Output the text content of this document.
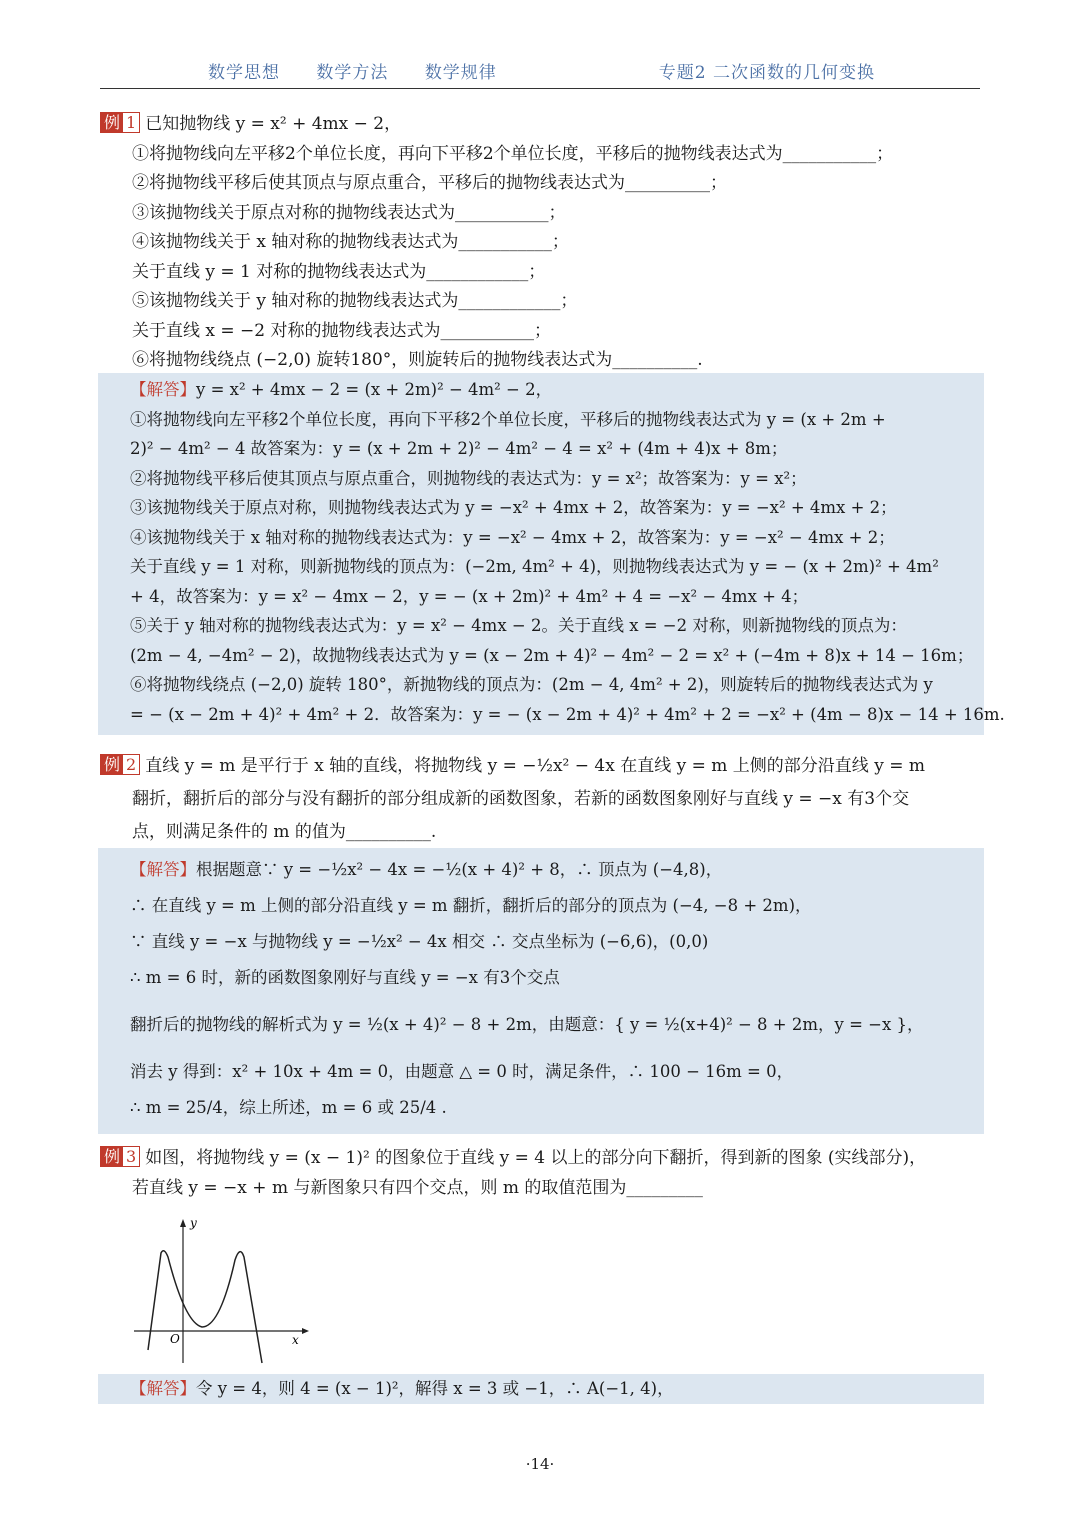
数学思想 数学方法 数学规律	专题2 二次函数的几何变换
例 1 已知抛物线 y = x² + 4mx − 2，
①将抛物线向左平移2个单位长度，再向下平移2个单位长度，平移后的抛物线表达式为___________；
②将抛物线平移后使其顶点与原点重合，平移后的抛物线表达式为__________；
③该抛物线关于原点对称的抛物线表达式为___________；
④该抛物线关于 x 轴对称的抛物线表达式为___________；
关于直线 y = 1 对称的抛物线表达式为____________；
⑤该抛物线关于 y 轴对称的抛物线表达式为____________；
关于直线 x = −2 对称的抛物线表达式为___________；
⑥将抛物线绕点 (−2,0) 旋转180°，则旋转后的抛物线表达式为__________.
【解答】y = x² + 4mx − 2 = (x + 2m)² − 4m² − 2，
①将抛物线向左平移2个单位长度，再向下平移2个单位长度，平移后的抛物线表达式为 y = (x + 2m +
2)² − 4m² − 4 故答案为：y = (x + 2m + 2)² − 4m² − 4 = x² + (4m + 4)x + 8m；
②将抛物线平移后使其顶点与原点重合，则抛物线的表达式为：y = x²；故答案为：y = x²；
③该抛物线关于原点对称，则抛物线表达式为 y = −x² + 4mx + 2，故答案为：y = −x² + 4mx + 2；
④该抛物线关于 x 轴对称的抛物线表达式为：y = −x² − 4mx + 2，故答案为：y = −x² − 4mx + 2；
关于直线 y = 1 对称，则新抛物线的顶点为：(−2m, 4m² + 4)，则抛物线表达式为 y = − (x + 2m)² + 4m²
+ 4，故答案为：y = x² − 4mx − 2，y = − (x + 2m)² + 4m² + 4 = −x² − 4mx + 4；
⑤关于 y 轴对称的抛物线表达式为：y = x² − 4mx − 2。关于直线 x = −2 对称，则新抛物线的顶点为：
(2m − 4, −4m² − 2)，故抛物线表达式为 y = (x − 2m + 4)² − 4m² − 2 = x² + (−4m + 8)x + 14 − 16m；
⑥将抛物线绕点 (−2,0) 旋转 180°，新抛物线的顶点为：(2m − 4, 4m² + 2)，则旋转后的抛物线表达式为 y
= − (x − 2m + 4)² + 4m² + 2．故答案为：y = − (x − 2m + 4)² + 4m² + 2 = −x² + (4m − 8)x − 14 + 16m.
例 2 直线 y = m 是平行于 x 轴的直线，将抛物线 y = −½x² − 4x 在直线 y = m 上侧的部分沿直线 y = m
翻折，翻折后的部分与没有翻折的部分组成新的函数图象，若新的函数图象刚好与直线 y = −x 有3个交
点，则满足条件的 m 的值为__________.
【解答】根据题意∵ y = −½x² − 4x = −½(x + 4)² + 8，∴ 顶点为 (−4,8)，
∴ 在直线 y = m 上侧的部分沿直线 y = m 翻折，翻折后的部分的顶点为 (−4, −8 + 2m)，
∵ 直线 y = −x 与抛物线 y = −½x² − 4x 相交 ∴ 交点坐标为 (−6,6)，(0,0)
∴ m = 6 时，新的函数图象刚好与直线 y = −x 有3个交点
翻折后的抛物线的解析式为 y = ½(x + 4)² − 8 + 2m，由题意：{ y = ½(x+4)² − 8 + 2m，y = −x }，
消去 y 得到：x² + 10x + 4m = 0，由题意 △ = 0 时，满足条件，∴ 100 − 16m = 0，
∴ m = 25/4，综上所述，m = 6 或 25/4 .
例 3 如图，将抛物线 y = (x − 1)² 的图象位于直线 y = 4 以上的部分向下翻折，得到新的图象 (实线部分)，
若直线 y = −x + m 与新图象只有四个交点，则 m 的取值范围为_________
x
y
O
【解答】令 y = 4，则 4 = (x − 1)²，解得 x = 3 或 −1，∴ A(−1, 4)，
·14·
